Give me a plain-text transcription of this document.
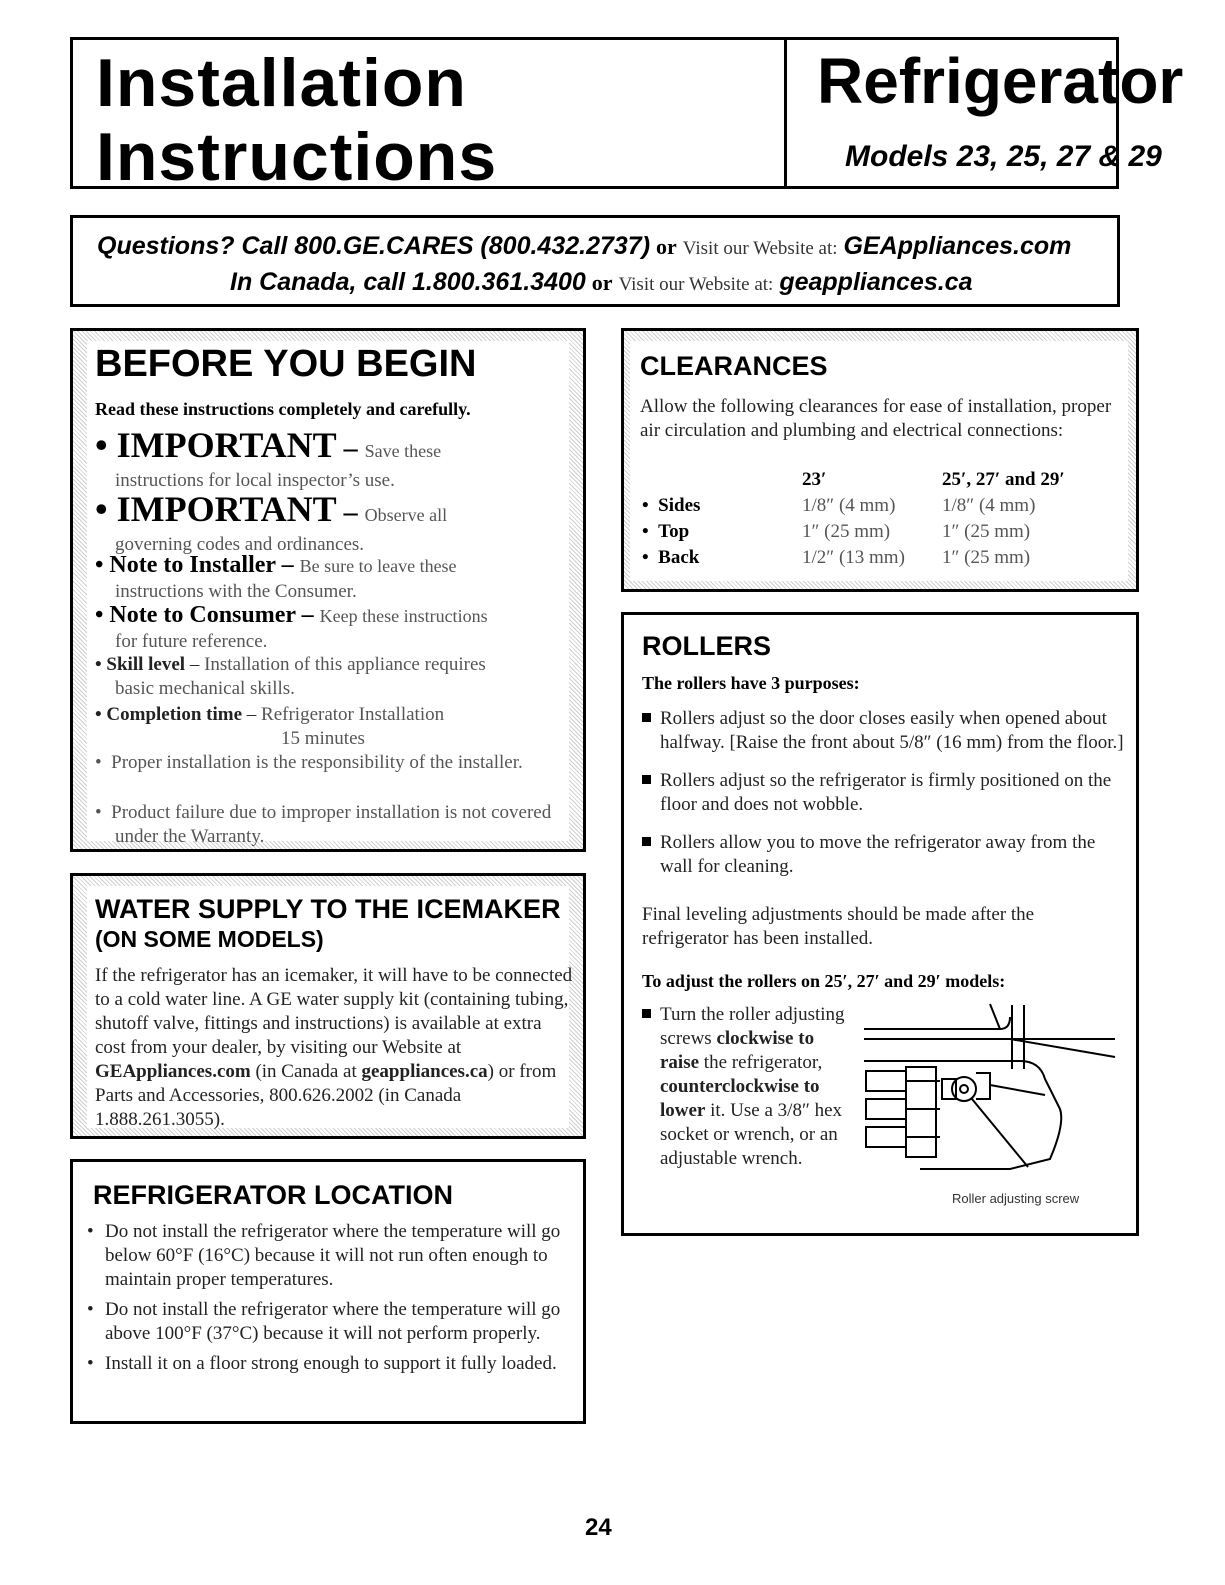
Installation
Instructions
Refrigerator
Models 23, 25, 27 & 29
Questions? Call 800.GE.CARES (800.432.2737) or Visit our Website at: GEAppliances.com
In Canada, call 1.800.361.3400 or Visit our Website at: geappliances.ca
BEFORE YOU BEGIN
Read these instructions completely and carefully.
• IMPORTANT – Save these
instructions for local inspector’s use.
• IMPORTANT – Observe all
governing codes and ordinances.
• Note to Installer – Be sure to leave these
instructions with the Consumer.
• Note to Consumer – Keep these instructions
for future reference.
• Skill level – Installation of this appliance requires
basic mechanical skills.
• Completion time – Refrigerator Installation
15 minutes
•  Proper installation is the responsibility of the installer.
•  Product failure due to improper installation is not covered under the Warranty.
WATER SUPPLY TO THE ICEMAKER
(ON SOME MODELS)
If the refrigerator has an icemaker, it will have to be connected to a cold water line. A GE water supply kit (containing tubing, shutoff valve, fittings and instructions) is available at extra cost from your dealer, by visiting our Website at GEAppliances.com (in Canada at geappliances.ca) or from Parts and Accessories, 800.626.2002 (in Canada 1.888.261.3055).
REFRIGERATOR LOCATION
• Do not install the refrigerator where the temperature will go below 60°F (16°C) because it will not run often enough to maintain proper temperatures.
• Do not install the refrigerator where the temperature will go above 100°F (37°C) because it will not perform properly.
• Install it on a floor strong enough to support it fully loaded.
CLEARANCES
Allow the following clearances for ease of installation, proper air circulation and plumbing and electrical connections:
	23′	25′, 27′ and 29′
•  Sides	1/8″ (4 mm)	1/8″ (4 mm)
•  Top	1″ (25 mm)	1″ (25 mm)
•  Back	1/2″ (13 mm)	1″ (25 mm)
ROLLERS
The rollers have 3 purposes:
Rollers adjust so the door closes easily when opened about halfway. [Raise the front about 5/8″ (16 mm) from the floor.]
Rollers adjust so the refrigerator is firmly positioned on the floor and does not wobble.
Rollers allow you to move the refrigerator away from the wall for cleaning.
Final leveling adjustments should be made after the refrigerator has been installed.
To adjust the rollers on 25′, 27′ and 29′ models:
Turn the roller adjusting screws clockwise to raise the refrigerator, counterclockwise to lower it. Use a 3/8″ hex socket or wrench, or an adjustable wrench.
Roller adjusting screw
24
